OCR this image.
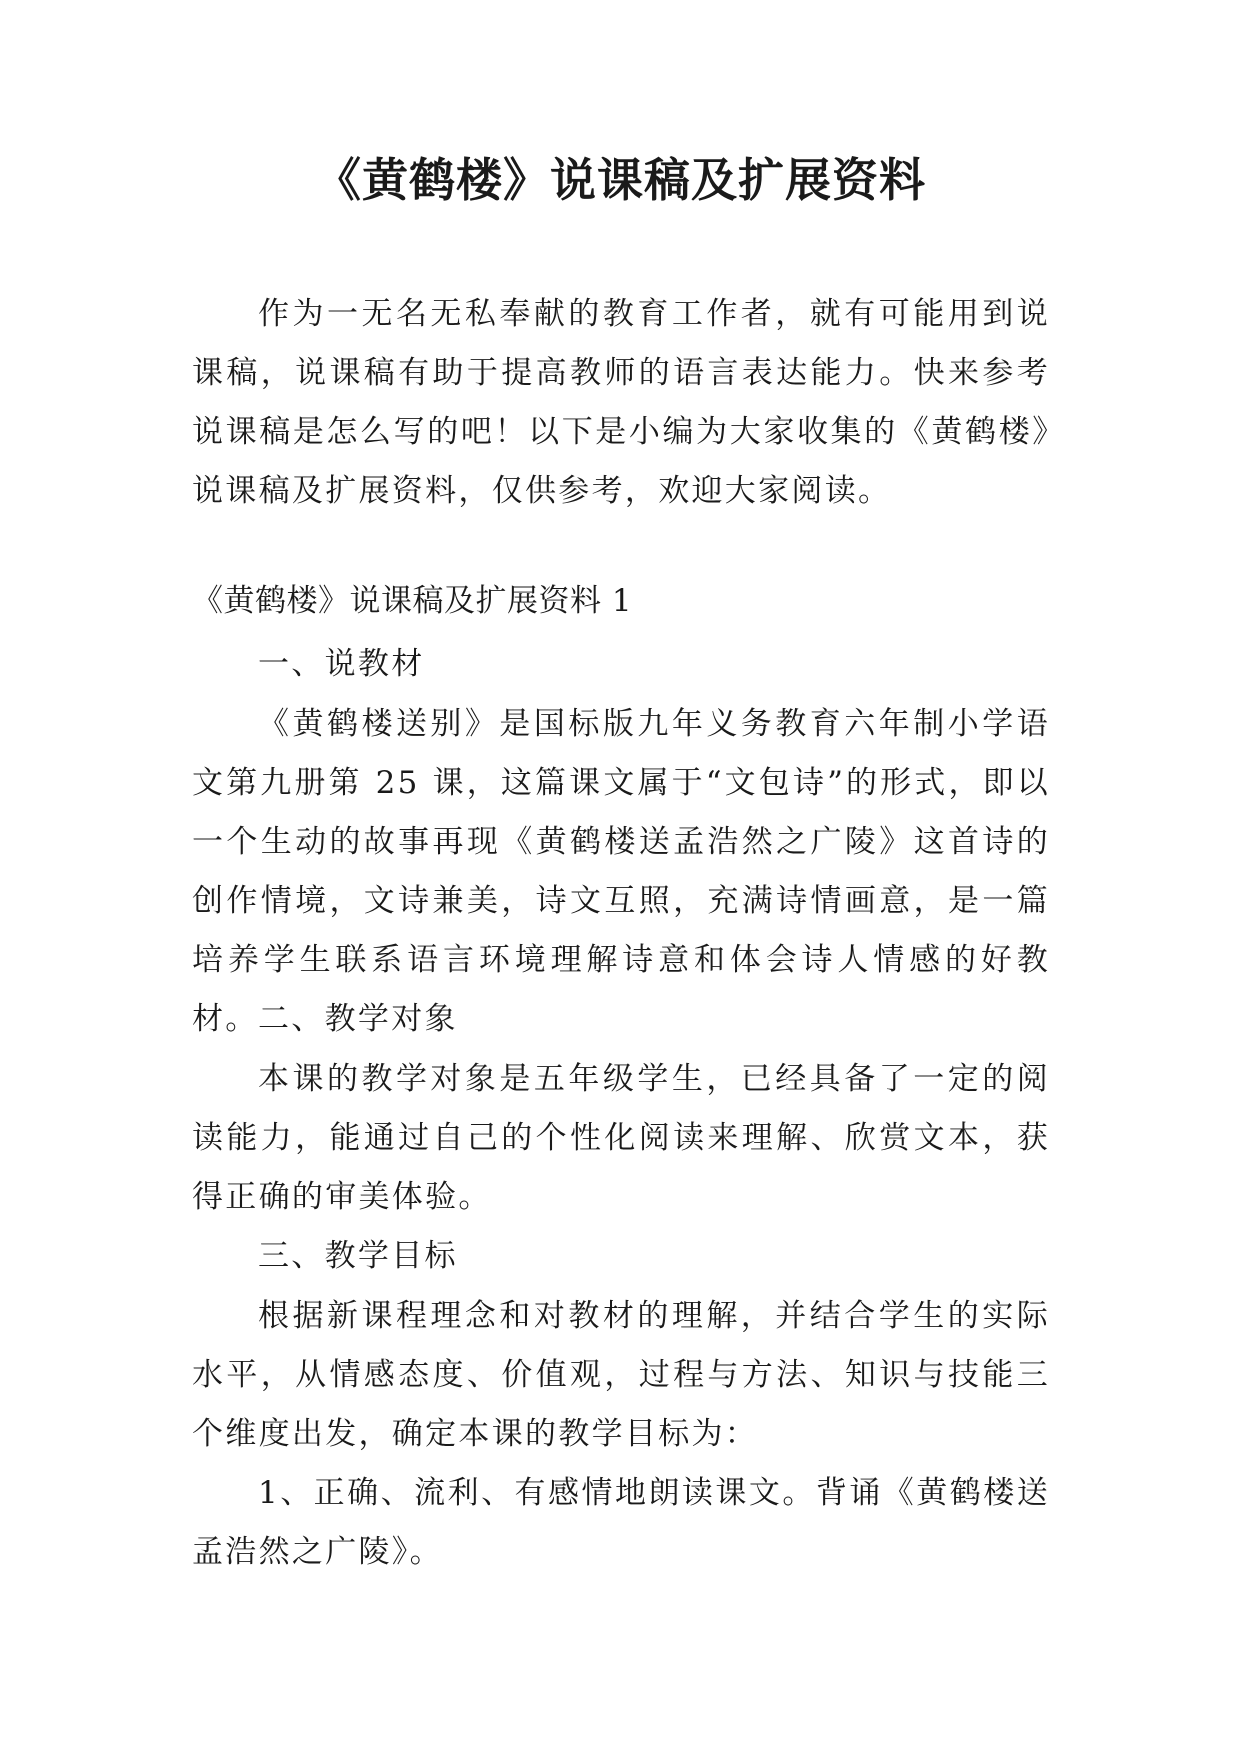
《黄鹤楼》说课稿及扩展资料

作为一无名无私奉献的教育工作者，就有可能用到说课稿，说课稿有助于提高教师的语言表达能力。快来参考说课稿是怎么写的吧！以下是小编为大家收集的《黄鹤楼》说课稿及扩展资料，仅供参考，欢迎大家阅读。

《黄鹤楼》说课稿及扩展资料 1

一、说教材

《黄鹤楼送别》是国标版九年义务教育六年制小学语文第九册第 25 课，这篇课文属于“文包诗”的形式，即以一个生动的故事再现《黄鹤楼送孟浩然之广陵》这首诗的创作情境，文诗兼美，诗文互照，充满诗情画意，是一篇培养学生联系语言环境理解诗意和体会诗人情感的好教材。 二、教学对象

本课的教学对象是五年级学生，已经具备了一定的阅读能力，能通过自己的个性化阅读来理解、欣赏文本，获得正确的审美体验。

三、教学目标

根据新课程理念和对教材的理解，并结合学生的实际水平，从情感态度、价值观，过程与方法、知识与技能三个维度出发，确定本课的教学目标为：

1、正确、流利、有感情地朗读课文。背诵《黄鹤楼送孟浩然之广陵》。
